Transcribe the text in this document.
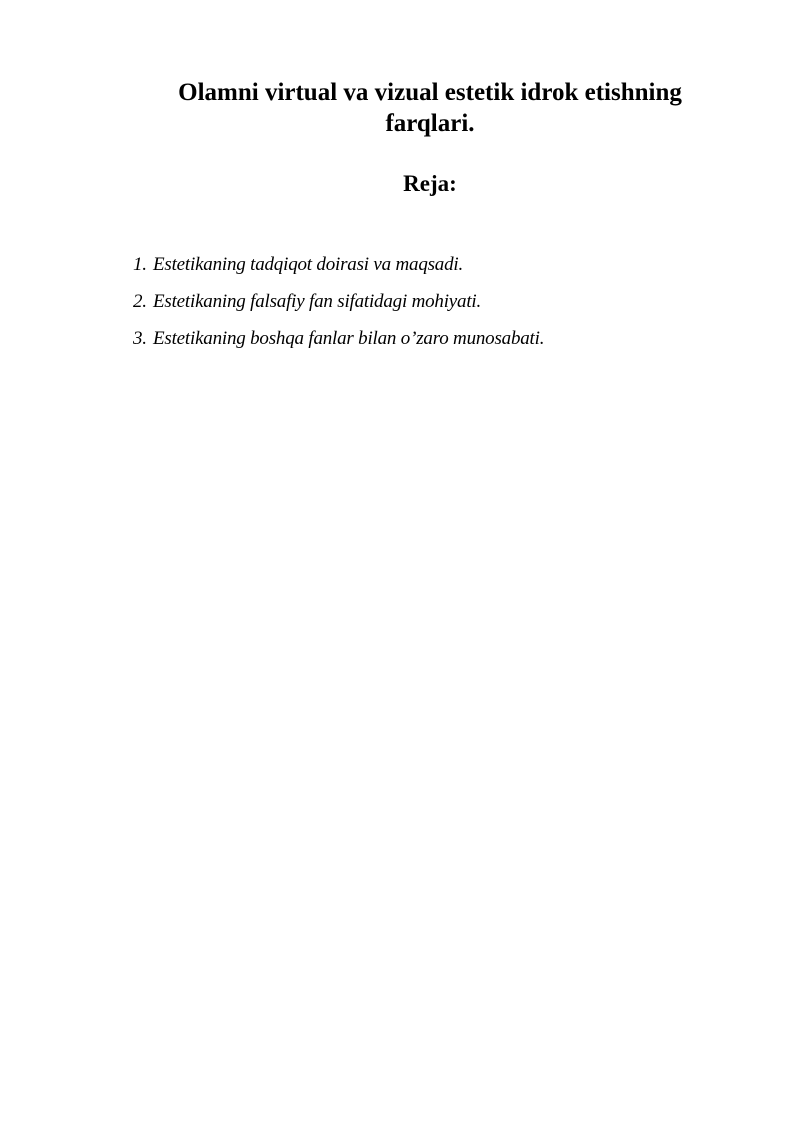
Olamni virtual va vizual estetik idrok etishning
farqlari.
Reja:
1. Estetikaning tadqiqot doirasi va maqsadi.
2. Estetikaning falsafiy fan sifatidagi mohiyati.
3. Estetikaning boshqa fanlar bilan o’zaro munosabati.
